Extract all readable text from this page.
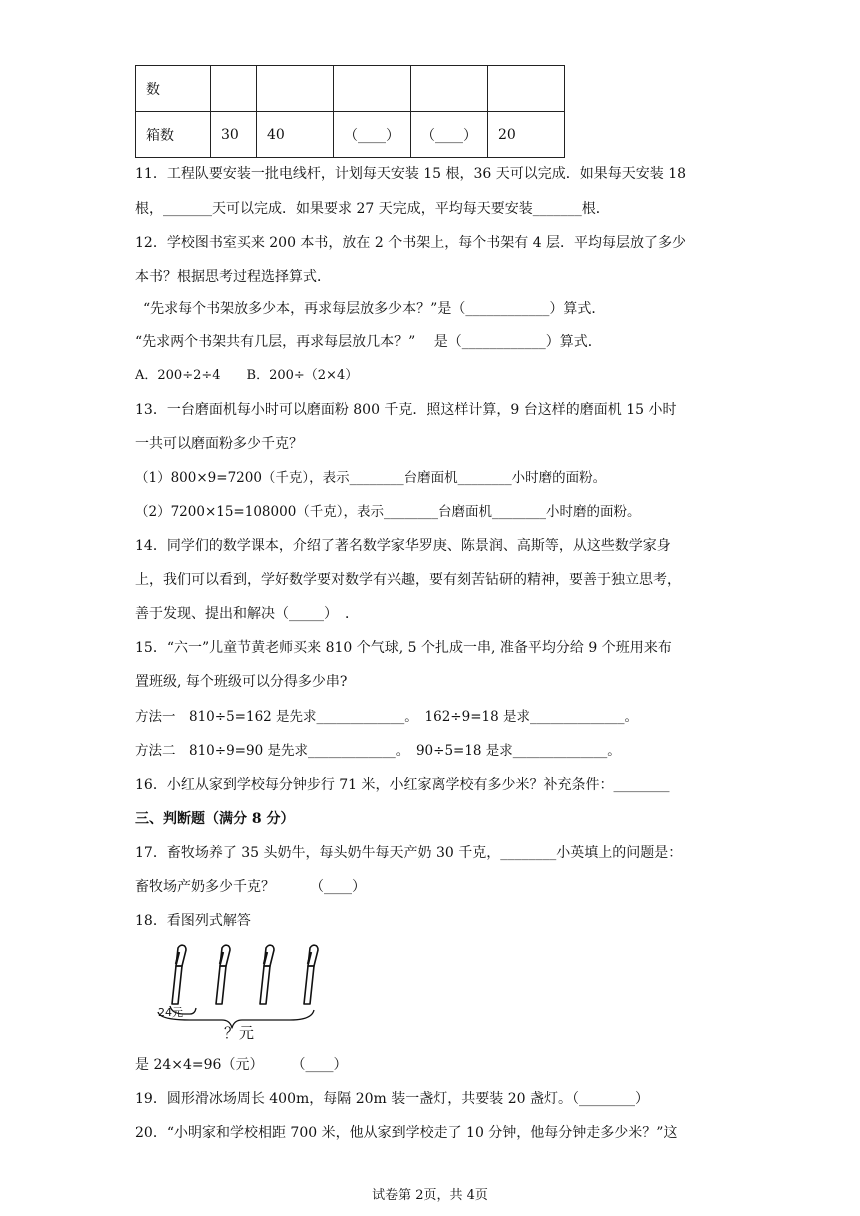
数					
箱数	30	40	（____）	（____）	20
11．工程队要安装一批电线杆，计划每天安装 15 根，36 天可以完成．如果每天安装 18
根，_______天可以完成．如果要求 27 天完成，平均每天要安装_______根．
12．学校图书室买来 200 本书，放在 2 个书架上，每个书架有 4 层．平均每层放了多少
本书？根据思考过程选择算式．
“先求每个书架放多少本，再求每层放多少本？”是（____________）算式．
“先求两个书架共有几层，再求每层放几本？”　 是（____________）算式．
A．200÷2÷4　　B．200÷（2×4）
13．一台磨面机每小时可以磨面粉 800 千克．照这样计算，9 台这样的磨面机 15 小时
一共可以磨面粉多少千克？
（1）800×9=7200（千克），表示________台磨面机________小时磨的面粉。
（2）7200×15=108000（千克），表示________台磨面机________小时磨的面粉。
14．同学们的数学课本，介绍了著名数学家华罗庚、陈景润、高斯等，从这些数学家身
上，我们可以看到，学好数学要对数学有兴趣，要有刻苦钻研的精神，要善于独立思考，
善于发现、提出和解决（_____）　．
15．“六一”儿童节黄老师买来 810 个气球, 5 个扎成一串, 准备平均分给 9 个班用来布
置班级, 每个班级可以分得多少串?
方法一　810÷5=162 是先求_____________。　162÷9=18 是求______________。
方法二　810÷9=90 是先求_____________。　90÷5=18 是求______________。
16．小红从家到学校每分钟步行 71 米，小红家离学校有多少米？补充条件：________
三、判断题（满分 8 分）
17．畜牧场养了 35 头奶牛，每头奶牛每天产奶 30 千克，________小英填上的问题是：
畜牧场产奶多少千克？　　　（____）
18．看图列式解答
24元
？元
是 24×4=96（元）　　　（____）
19．圆形滑冰场周长 400m，每隔 20m 装一盏灯，共要装 20 盏灯。（________）
20．“小明家和学校相距 700 米，他从家到学校走了 10 分钟，他每分钟走多少米？”这
试卷第 2页，共 4页
